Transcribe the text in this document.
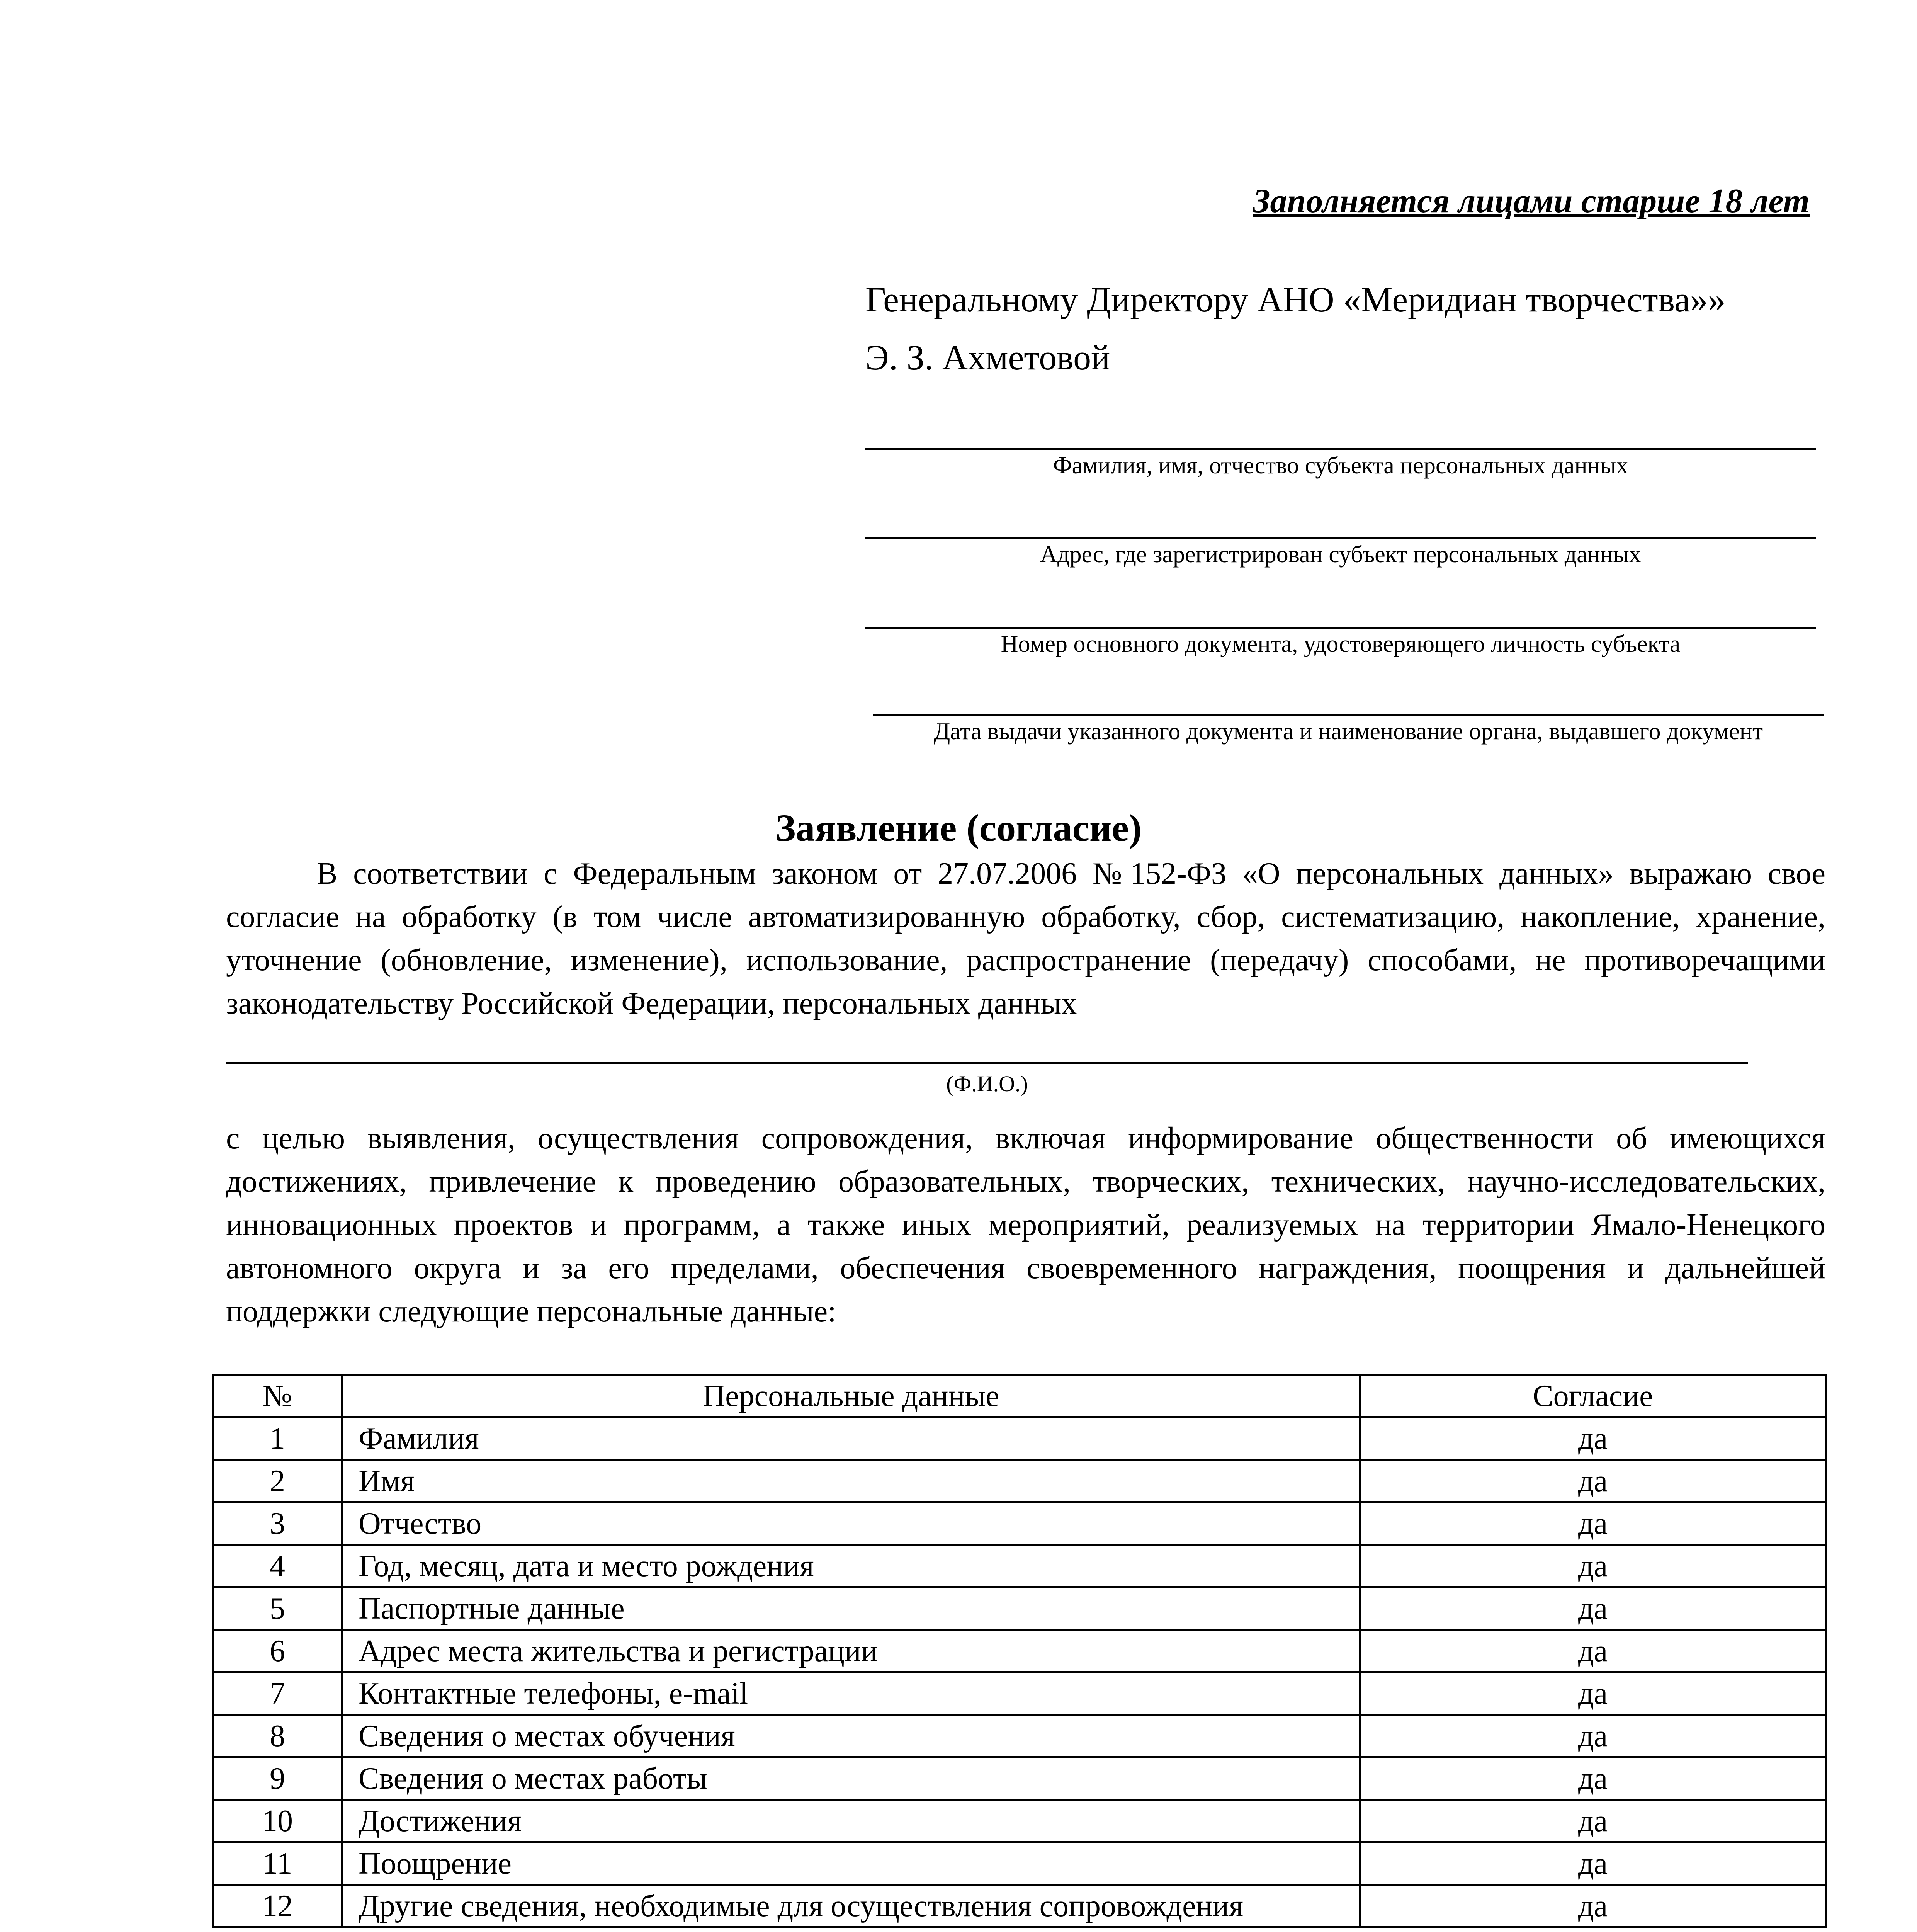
Заполняется лицами старше 18 лет
Генеральному Директору АНО «Меридиан творчества»»
Э. З. Ахметовой
Фамилия, имя, отчество субъекта персональных данных
Адрес, где зарегистрирован субъект персональных данных
Номер основного документа, удостоверяющего личность субъекта
Дата выдачи указанного документа и наименование органа, выдавшего документ
Заявление (согласие)

В соответствии с Федеральным законом от 27.07.2006 №152-ФЗ «О персональных данных» выражаю свое согласие на обработку (в том числе автоматизированную обработку, сбор, систематизацию, накопление, хранение, уточнение (обновление, изменение), использование, распространение (передачу) способами, не противоречащими законодательству Российской Федерации, персональных данных

(Ф.И.О.)

с целью выявления, осуществления сопровождения, включая информирование общественности об имеющихся достижениях, привлечение к проведению образовательных, творческих, технических, научно-исследовательских, инновационных проектов и программ, а также иных мероприятий, реализуемых на территории Ямало-Ненецкого автономного округа и за его пределами, обеспечения своевременного награждения, поощрения и дальнейшей поддержки следующие персональные данные:

№	Персональные данные	Согласие
1	Фамилия	да
2	Имя	да
3	Отчество	да
4	Год, месяц, дата и место рождения	да
5	Паспортные данные	да
6	Адрес места жительства и регистрации	да
7	Контактные телефоны, e-mail	да
8	Сведения о местах обучения	да
9	Сведения о местах работы	да
10	Достижения	да
11	Поощрение	да
12	Другие сведения, необходимые для осуществления сопровождения	да
